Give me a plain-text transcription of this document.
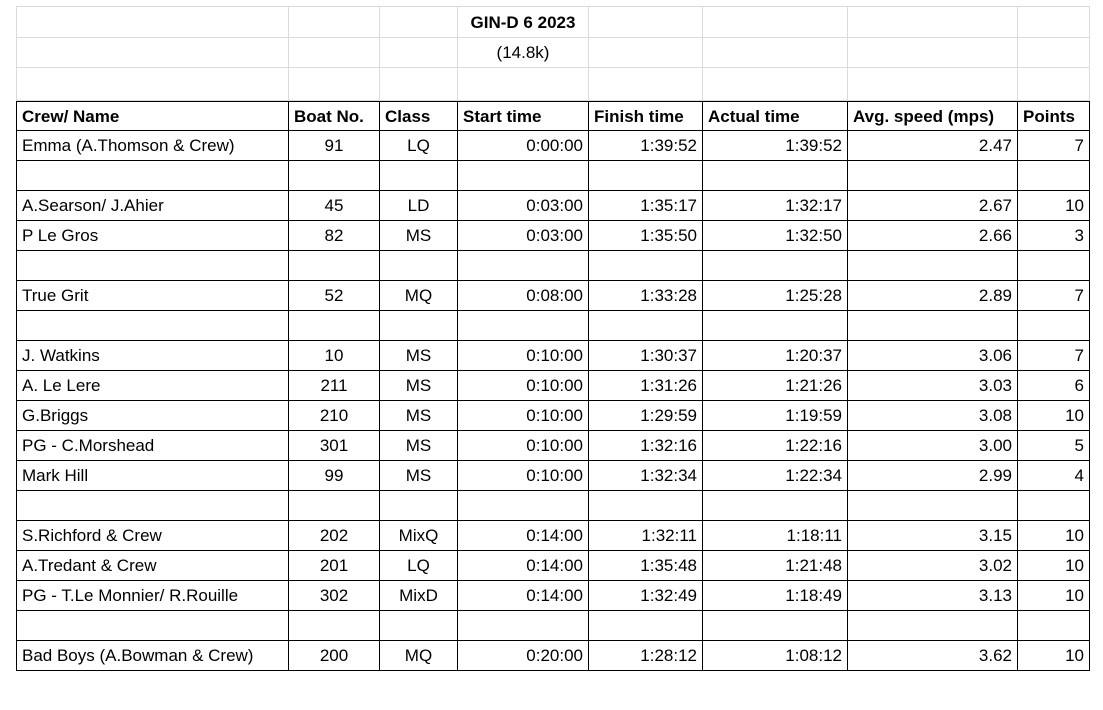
GIN-D 6 2023
(14.8k)
Crew/ Name	Boat No.	Class	Start time	Finish time	Actual time	Avg. speed (mps)	Points
Emma (A.Thomson & Crew)	91	LQ	0:00:00	1:39:52	1:39:52	2.47	7
A.Searson/ J.Ahier	45	LD	0:03:00	1:35:17	1:32:17	2.67	10
P Le Gros	82	MS	0:03:00	1:35:50	1:32:50	2.66	3
True Grit	52	MQ	0:08:00	1:33:28	1:25:28	2.89	7
J. Watkins	10	MS	0:10:00	1:30:37	1:20:37	3.06	7
A. Le Lere	211	MS	0:10:00	1:31:26	1:21:26	3.03	6
G.Briggs	210	MS	0:10:00	1:29:59	1:19:59	3.08	10
PG - C.Morshead	301	MS	0:10:00	1:32:16	1:22:16	3.00	5
Mark Hill	99	MS	0:10:00	1:32:34	1:22:34	2.99	4
S.Richford & Crew	202	MixQ	0:14:00	1:32:11	1:18:11	3.15	10
A.Tredant & Crew	201	LQ	0:14:00	1:35:48	1:21:48	3.02	10
PG - T.Le Monnier/ R.Rouille	302	MixD	0:14:00	1:32:49	1:18:49	3.13	10
Bad Boys (A.Bowman & Crew)	200	MQ	0:20:00	1:28:12	1:08:12	3.62	10
